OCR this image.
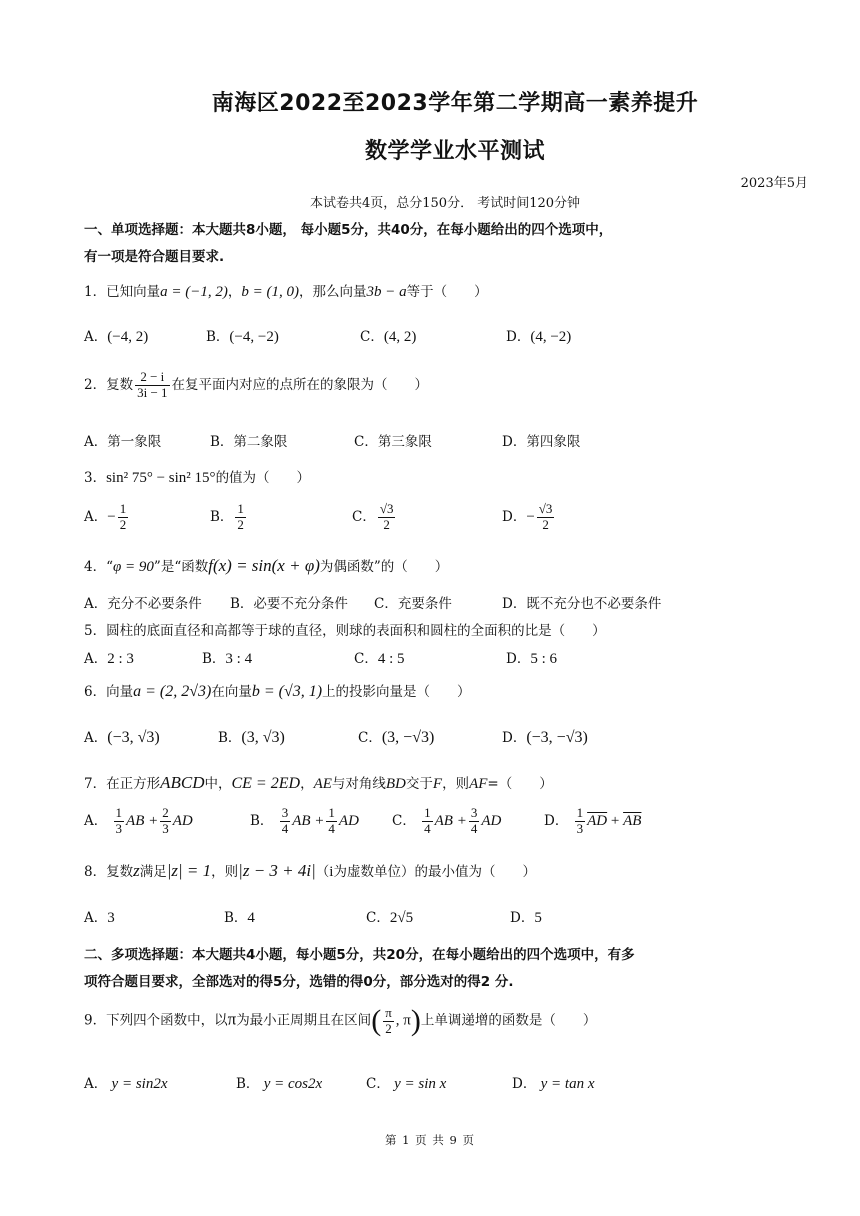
南海区2022至2023学年第二学期高一素养提升
数学学业水平测试
2023年5月
本试卷共4页，总分150分． 考试时间120分钟
一、单项选择题：本大题共8小题， 每小题5分，共40分，在每小题给出的四个选项中，
有一项是符合题目要求.
1．已知向量a = (−1, 2)，b = (1, 0)，那么向量3b − a等于（　　）
A．(−4, 2)	B．(−4, −2)	C．(4, 2)	D．(4, −2)
2．复数 $\frac{2 - i}{3i - 1}$ 在复平面内对应的点所在的象限为（　　）
A．第一象限	B．第二象限	C．第三象限	D．第四象限
3．sin² 75° − sin² 15°的值为（　　）
A．− $\frac{1}{2}$	B． $\frac{1}{2}$	C． $\frac{√3}{2}$	D．− $\frac{√3}{2}$
4．“φ = 90”是“函数f(x) = sin(x + φ)为偶函数”的（　　）
A．充分不必要条件 B．必要不充分条件 C．充要条件	D．既不充分也不必要条件
5．圆柱的底面直径和高都等于球的直径，则球的表面积和圆柱的全面积的比是（　　）
A．2 : 3	B．3 : 4	C．4 : 5	D．5 : 6
6．向量a = (2, 2√3)在向量b = (√3, 1)上的投影向量是（　　）
A．(−3, √3)	B．(3, √3)	C．(3, −√3)	D．(−3, −√3)
7．在正方形ABCD中，CE = 2ED，AE与对角线BD交于F，则AF=（　　）
A． $\frac{1}{3}$ AB + $\frac{2}{3}$ AD	B． $\frac{3}{4}$ AB + $\frac{1}{4}$ AD C． $\frac{1}{4}$ AB + $\frac{3}{4}$ AD	D． $\frac{1}{3} \overline{AD} + \overline{AB}$
8．复数z满足|z| = 1，则|z − 3 + 4i|（i为虚数单位）的最小值为（　　）
A．3	B．4	C．2√5	D．5
二、多项选择题：本大题共4小题，每小题5分，共20分，在每小题给出的四个选项中，有多
项符合题目要求，全部选对的得5分，选错的得0分，部分选对的得2 分.
9．下列四个函数中，以π为最小正周期且在区间( $\frac{\pi}{2}$ , π)上单调递增的函数是（　　）
A． y = sin2x	B． y = cos2x	C． y = sin x	D． y = tan x
第 1 页 共 9 页
